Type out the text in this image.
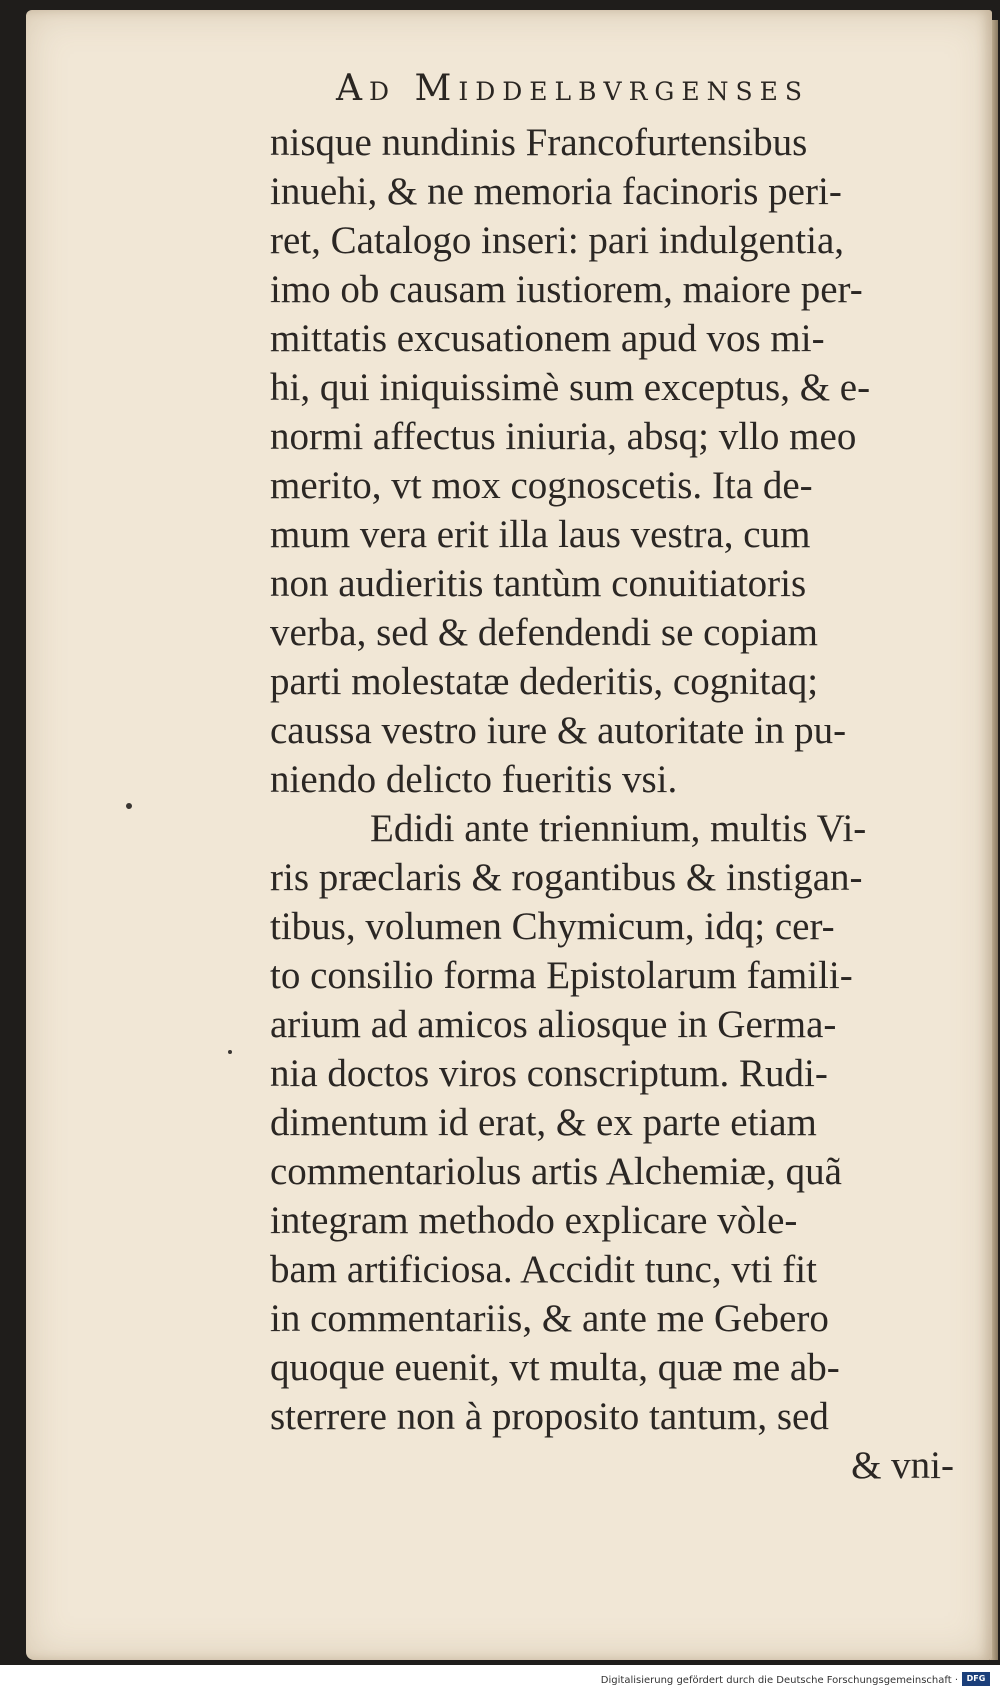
Ad Middelbvrgenses
nisque nundinis Francofurtensibus
inuehi, & ne memoria facinoris peri-
ret, Catalogo inseri: pari indulgentia,
imo ob causam iustiorem, maiore per-
mittatis excusationem apud vos mi-
hi, qui iniquissimè sum exceptus, & e-
normi affectus iniuria, absq; vllo meo
merito, vt mox cognoscetis. Ita de-
mum vera erit illa laus vestra, cum
non audieritis tantùm conuitiatoris
verba, sed & defendendi se copiam
parti molestatæ dederitis, cognitaq;
caussa vestro iure & autoritate in pu-
niendo delicto fueritis vsi.
Edidi ante triennium, multis Vi-
ris præclaris & rogantibus & instigan-
tibus, volumen Chymicum, idq; cer-
to consilio forma Epistolarum famili-
arium ad amicos aliosque in Germa-
nia doctos viros conscriptum. Rudi-
dimentum id erat, & ex parte etiam
commentariolus artis Alchemiæ, quã
integram methodo explicare vòle-
bam artificiosa. Accidit tunc, vti fit
in commentariis, & ante me Gebero
quoque euenit, vt multa, quæ me ab-
sterrere non à proposito tantum, sed
& vni-
Digitalisierung gefördert durch die Deutsche Forschungsgemeinschaft ·	DFG
